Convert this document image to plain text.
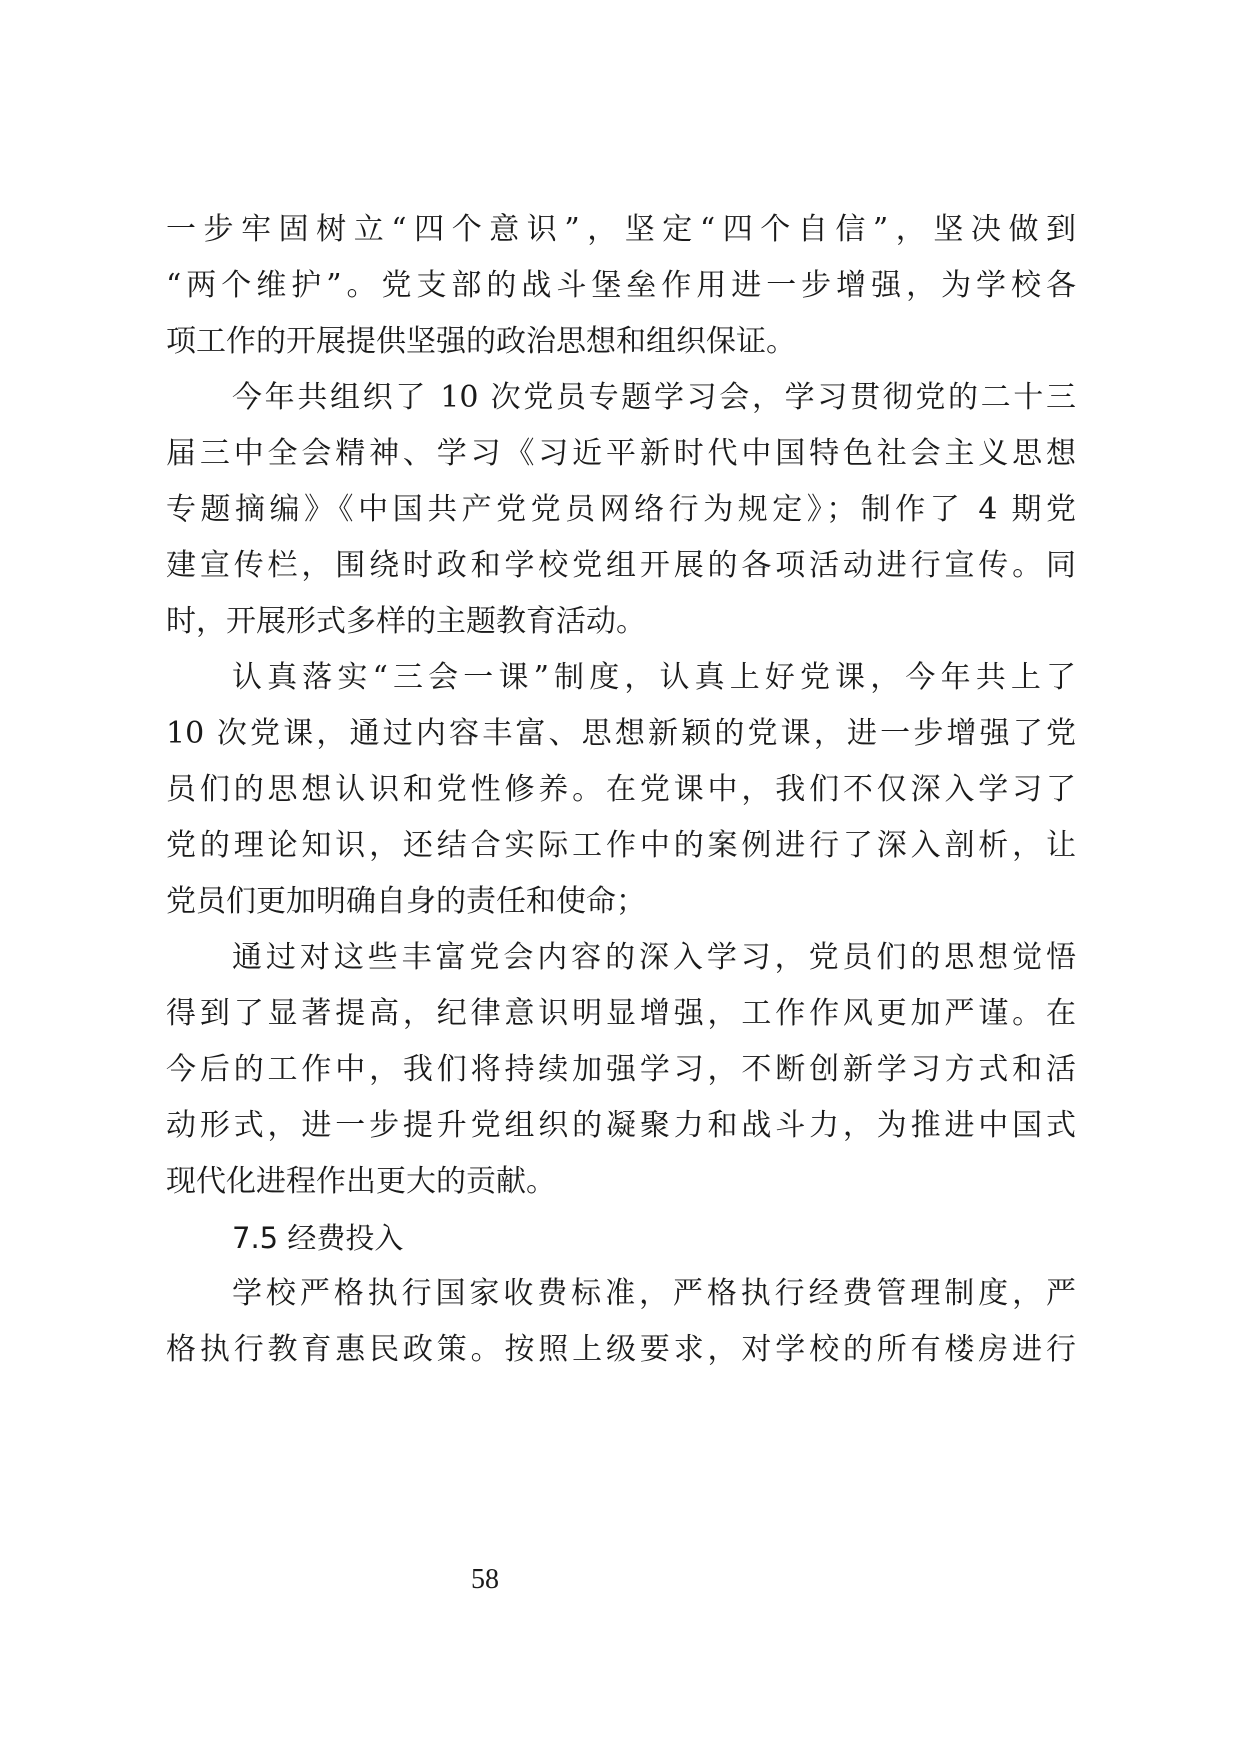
一步牢固树立“四个意识”，坚定“四个自信”，坚决做到
“两个维护”。党支部的战斗堡垒作用进一步增强，为学校各
项工作的开展提供坚强的政治思想和组织保证。
今年共组织了 10 次党员专题学习会，学习贯彻党的二十三
届三中全会精神、学习《习近平新时代中国特色社会主义思想
专题摘编》《中国共产党党员网络行为规定》；制作了 4 期党
建宣传栏，围绕时政和学校党组开展的各项活动进行宣传。同
时，开展形式多样的主题教育活动。
认真落实“三会一课”制度，认真上好党课，今年共上了
10 次党课，通过内容丰富、思想新颖的党课，进一步增强了党
员们的思想认识和党性修养。在党课中，我们不仅深入学习了
党的理论知识，还结合实际工作中的案例进行了深入剖析，让
党员们更加明确自身的责任和使命；
通过对这些丰富党会内容的深入学习，党员们的思想觉悟
得到了显著提高，纪律意识明显增强，工作作风更加严谨。在
今后的工作中，我们将持续加强学习，不断创新学习方式和活
动形式，进一步提升党组织的凝聚力和战斗力，为推进中国式
现代化进程作出更大的贡献。
7.5 经费投入
学校严格执行国家收费标准，严格执行经费管理制度，严
格执行教育惠民政策。按照上级要求，对学校的所有楼房进行
58
